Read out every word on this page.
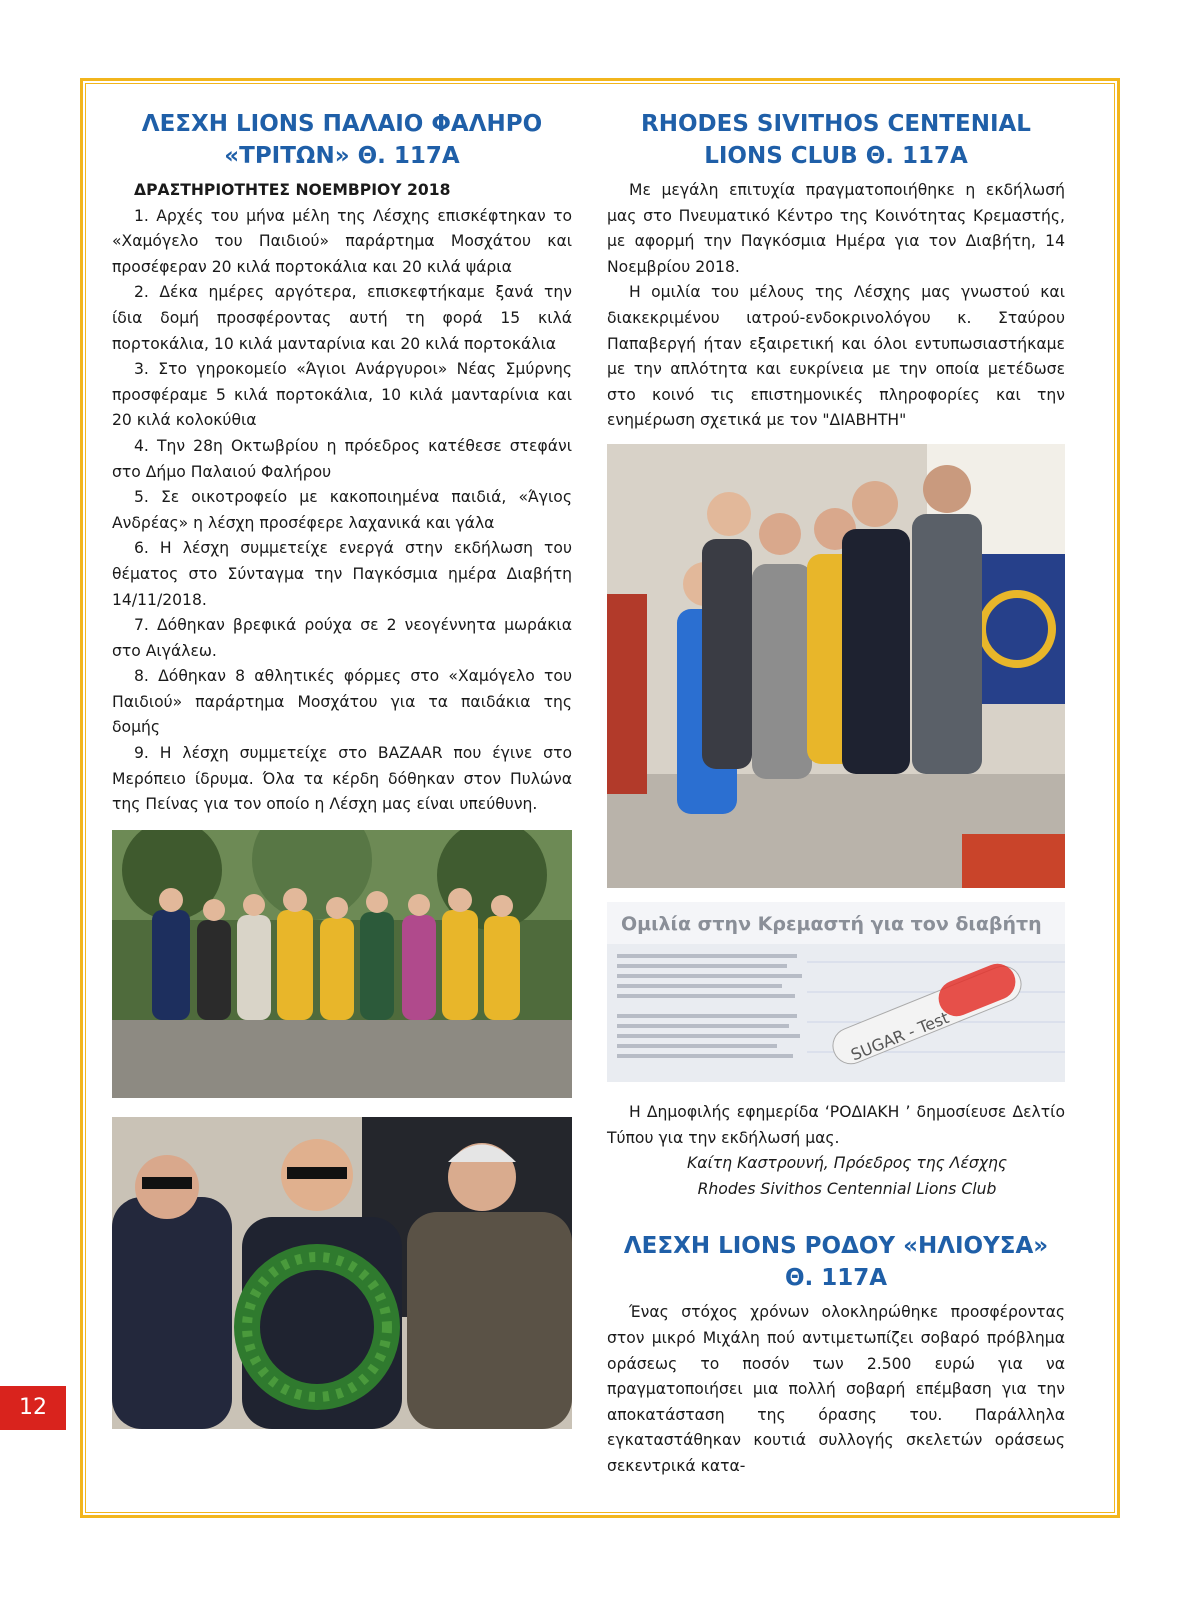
ΛΕΣΧΗ LIONS ΠΑΛΑΙΟ ΦΑΛΗΡΟ
«ΤΡΙΤΩΝ» Θ. 117Α
ΔΡΑΣΤΗΡΙΟΤΗΤΕΣ ΝΟΕΜΒΡΙΟΥ 2018

1. Αρχές του μήνα μέλη της Λέσχης επισκέφτηκαν το «Χαμόγελο του Παιδιού» παράρτημα Μοσχάτου και προσέφεραν 20 κιλά πορτοκάλια και 20 κιλά ψάρια

2. Δέκα ημέρες αργότερα, επισκεφτήκαμε ξανά την ίδια δομή προσφέροντας αυτή τη φορά 15 κιλά πορτοκάλια, 10 κιλά μανταρίνια και 20 κιλά πορτοκάλια

3. Στο γηροκομείο «Άγιοι Ανάργυροι» Νέας Σμύρνης προσφέραμε 5 κιλά πορτοκάλια, 10 κιλά μανταρίνια και 20 κιλά κολοκύθια

4. Την 28η Οκτωβρίου η πρόεδρος κατέθεσε στεφάνι στο Δήμο Παλαιού Φαλήρου

5. Σε οικοτροφείο με κακοποιημένα παιδιά, «Άγιος Ανδρέας» η λέσχη προσέφερε λαχανικά και γάλα

6. Η λέσχη συμμετείχε ενεργά στην εκδήλωση του θέματος στο Σύνταγμα την Παγκόσμια ημέρα Διαβήτη 14/11/2018.

7. Δόθηκαν βρεφικά ρούχα σε 2 νεογέννητα μωράκια στο Αιγάλεω.

8. Δόθηκαν 8 αθλητικές φόρμες στο «Χαμόγελο του Παιδιού» παράρτημα Μοσχάτου για τα παιδάκια της δομής

9. Η λέσχη συμμετείχε στο BAZAAR που έγινε στο Μερόπειο ίδρυμα. Όλα τα κέρδη δόθηκαν στον Πυλώνα της Πείνας για τον οποίο η Λέσχη μας είναι υπεύθυνη.

RHODES SIVITHOS CENTENIAL
LIONS CLUB Θ. 117Α

Με μεγάλη επιτυχία πραγματοποιήθηκε η εκδήλωσή μας στο Πνευματικό Κέντρο της Κοινότητας Κρεμαστής, με αφορμή την Παγκόσμια Ημέρα για τον Διαβήτη, 14 Νοεμβρίου 2018.

Η ομιλία του μέλους της Λέσχης μας γνωστού και διακεκριμένου ιατρού-ενδοκρινολόγου κ. Σταύρου Παπαβεργή ήταν εξαιρετική και όλοι εντυπωσιαστήκαμε με την απλότητα και ευκρίνεια με την οποία μετέδωσε στο κοινό τις επιστημονικές πληροφορίες και την ενημέρωση σχετικά με τον "ΔΙΑΒΗΤΗ"

Ομιλία στην Κρεμαστή για τον διαβήτη
SUGAR - Test

Η Δημοφιλής εφημερίδα ‘ΡΟΔΙΑΚΗ ’ δημοσίευσε Δελτίο Τύπου για την εκδήλωσή μας.

Καίτη Καστρουνή, Πρόεδρος της Λέσχης

Rhodes Sivithos Centennial Lions Club

ΛΕΣΧΗ LIONS ΡΟΔΟΥ «ΗΛΙΟΥΣΑ»
Θ. 117Α

Ένας στόχος χρόνων ολοκληρώθηκε προσφέροντας στον μικρό Μιχάλη πού αντιμετωπίζει σοβαρό πρόβλημα οράσεως το ποσόν των 2.500 ευρώ για να πραγματοποιήσει μια πολλή σοβαρή επέμβαση για την αποκατάσταση της όρασης του. Παράλληλα εγκαταστάθηκαν κουτιά συλλογής σκελετών οράσεως σεκεντρικά κατα-

12
